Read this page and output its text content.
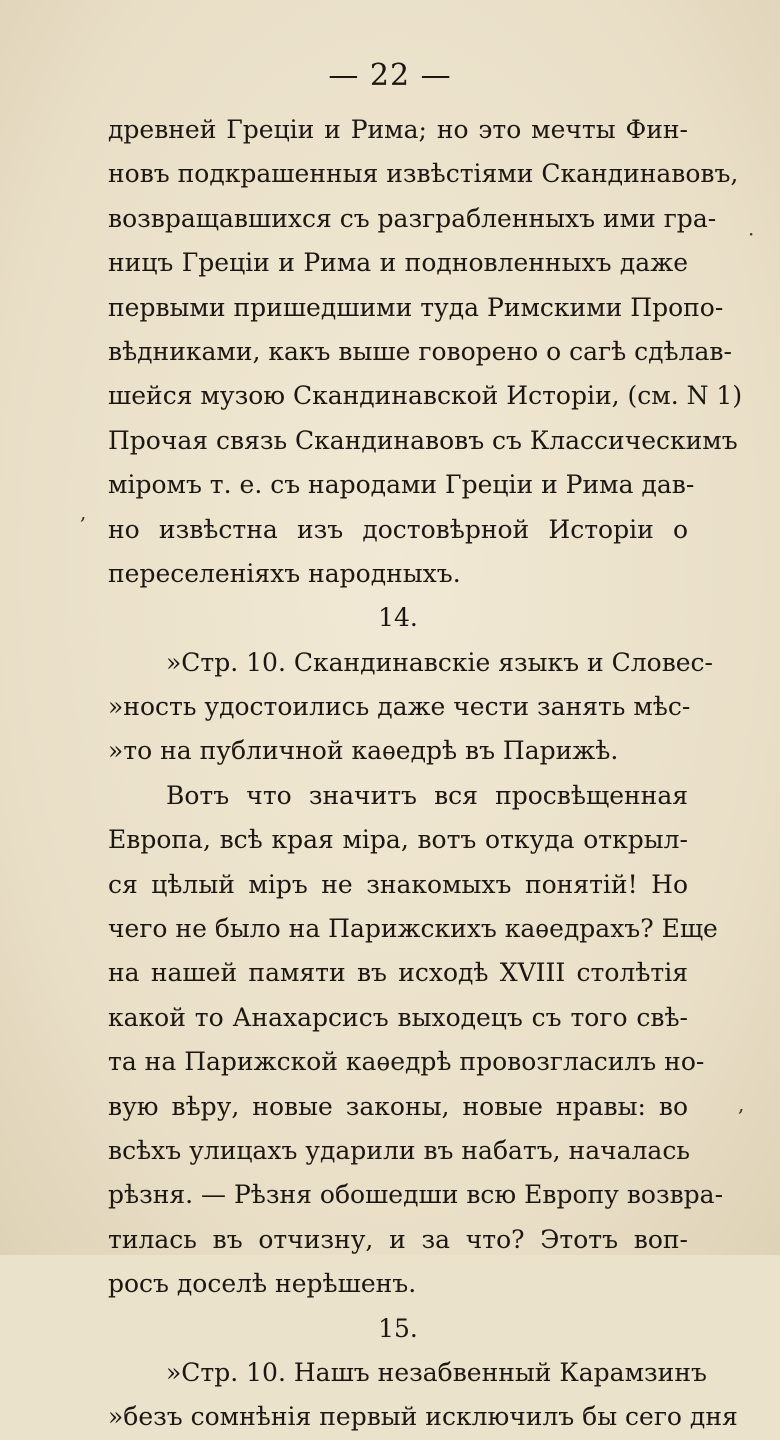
— 22 —
древней Греціи и Рима; но это мечты Фин-
новъ подкрашенныя извѣстіями Скандинавовъ,
возвращавшихся съ разграбленныхъ ими гра-
ницъ Греціи и Рима и подновленныхъ даже
первыми пришедшими туда Римскими Пропо-
вѣдниками, какъ выше говорено о сагѣ сдѣлав-
шейся музою Скандинавской Исторіи, (см. N 1)
Прочая связь Скандинавовъ съ Классическимъ
міромъ т. е. съ народами Греціи и Рима дав-
но извѣстна изъ достовѣрной Исторіи о
переселеніяхъ народныхъ.
14.
»Стр. 10. Скандинавскіе языкъ и Словес-
»ность удостоились даже чести занять мѣс-
»то на публичной каѳедрѣ въ Парижѣ.
Вотъ что значитъ вся просвѣщенная
Европа, всѣ края міра, вотъ откуда открыл-
ся цѣлый міръ не знакомыхъ понятій! Но
чего не было на Парижскихъ каѳедрахъ? Еще
на нашей памяти въ исходѣ XVIII столѣтія
какой то Анахарсисъ выходецъ съ того свѣ-
та на Парижской каѳедрѣ провозгласилъ но-
вую вѣру, новые законы, новые нравы: во
всѣхъ улицахъ ударили въ набатъ, началась
рѣзня. — Рѣзня обошедши всю Европу возвра-
тилась въ отчизну, и за что? Этотъ воп-
росъ доселѣ нерѣшенъ.
15.
»Стр. 10. Нашъ незабвенный Карамзинъ
»безъ сомнѣнія первый исключилъ бы сего дня
·
,
,
